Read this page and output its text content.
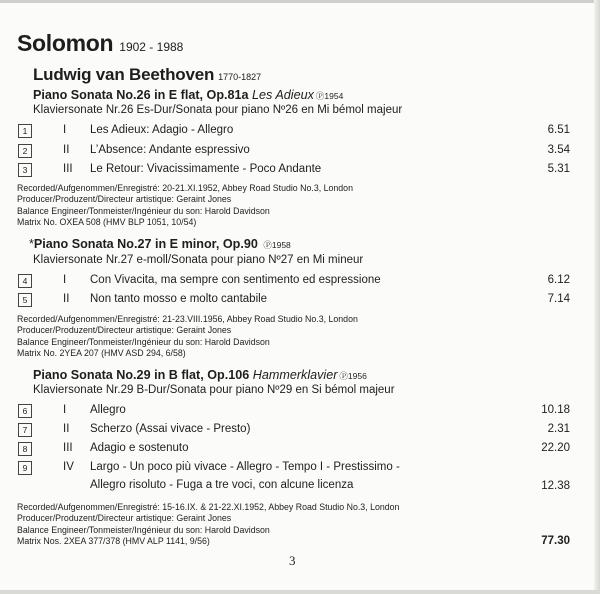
Solomon 1902 - 1988
Ludwig van Beethoven 1770-1827
Piano Sonata No.26 in E flat, Op.81a Les Adieux Ⓟ1954
Klaviersonate Nr.26 Es-Dur/Sonata pour piano Nº26 en Mi bémol majeur
1	I Les Adieux: Adagio - Allegro	6.51
2	II L’Absence: Andante espressivo	3.54
3	III Le Retour: Vivacissimamente - Poco Andante	5.31
Recorded/Aufgenommen/Enregistré: 20-21.XI.1952, Abbey Road Studio No.3, London
Producer/Produzent/Directeur artistique: Geraint Jones
Balance Engineer/Tonmeister/Ingénieur du son: Harold Davidson
Matrix No. OXEA 508 (HMV BLP 1051, 10/54)
*Piano Sonata No.27 in E minor, Op.90 Ⓟ1958
Klaviersonate Nr.27 e-moll/Sonata pour piano Nº27 en Mi mineur
4	I Con Vivacita, ma sempre con sentimento ed espressione	6.12
5	II Non tanto mosso e molto cantabile	7.14
Recorded/Aufgenommen/Enregistré: 21-23.VIII.1956, Abbey Road Studio No.3, London
Producer/Produzent/Directeur artistique: Geraint Jones
Balance Engineer/Tonmeister/Ingénieur du son: Harold Davidson
Matrix No. 2YEA 207 (HMV ASD 294, 6/58)
Piano Sonata No.29 in B flat, Op.106 Hammerklavier Ⓟ1956
Klaviersonate Nr.29 B-Dur/Sonata pour piano Nº29 en Si bémol majeur
6	I Allegro	10.18
7	II Scherzo (Assai vivace - Presto)	2.31
8	III Adagio e sostenuto	22.20
9	IV Largo - Un poco più vivace - Allegro - Tempo I - Prestissimo -
Allegro risoluto - Fuga a tre voci, con alcune licenza	12.38
Recorded/Aufgenommen/Enregistré: 15-16.IX. & 21-22.XI.1952, Abbey Road Studio No.3, London
Producer/Produzent/Directeur artistique: Geraint Jones
Balance Engineer/Tonmeister/Ingénieur du son: Harold Davidson
Matrix Nos. 2XEA 377/378 (HMV ALP 1141, 9/56)	77.30
3
